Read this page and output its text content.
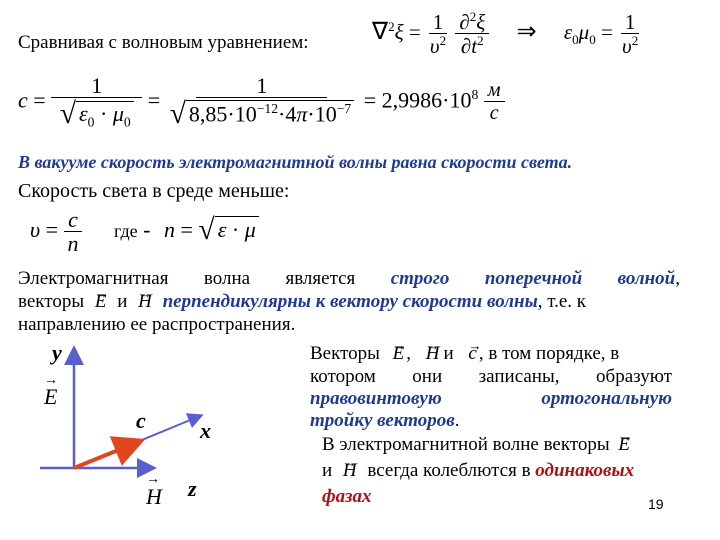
Сравнивая с волновым уравнением:	$\nabla^2\xi = \frac{1}{\upsilon^2}$
$\frac{\partial^2\xi}{\partial t^2}$ ⇒ $\varepsilon_0\mu_0 = \frac{1}{\upsilon^2}$
$c = \frac{1}{√ \varepsilon_0 \cdot \mu_0} = \frac{1}{√ 8,85\cdot 10^{-12}\cdot 4\pi\cdot 10^{-7}} = 2,9986\cdot 10^8 \frac{м}{с}$
В вакууме скорость электромагнитной волны равна скорости света.
Скорость света в среде меньше:
$\upsilon = \frac{c}{n}$ где - n = √ ε · μ
Электромагнитная волна является строго поперечной волной,
векторы → E и → H перпендикулярны к вектору скорости волны, т.е. к
направлению ее распространения.
y
E
→
c x
z
H
→
Векторы → E , → H и → c , в том порядке, в
котором они записаны, образуют
правовинтовую	ортогональную
тройку векторов.
В электромагнитной волне векторы → E
и → H всегда колеблются в одинаковых
фазах	19
